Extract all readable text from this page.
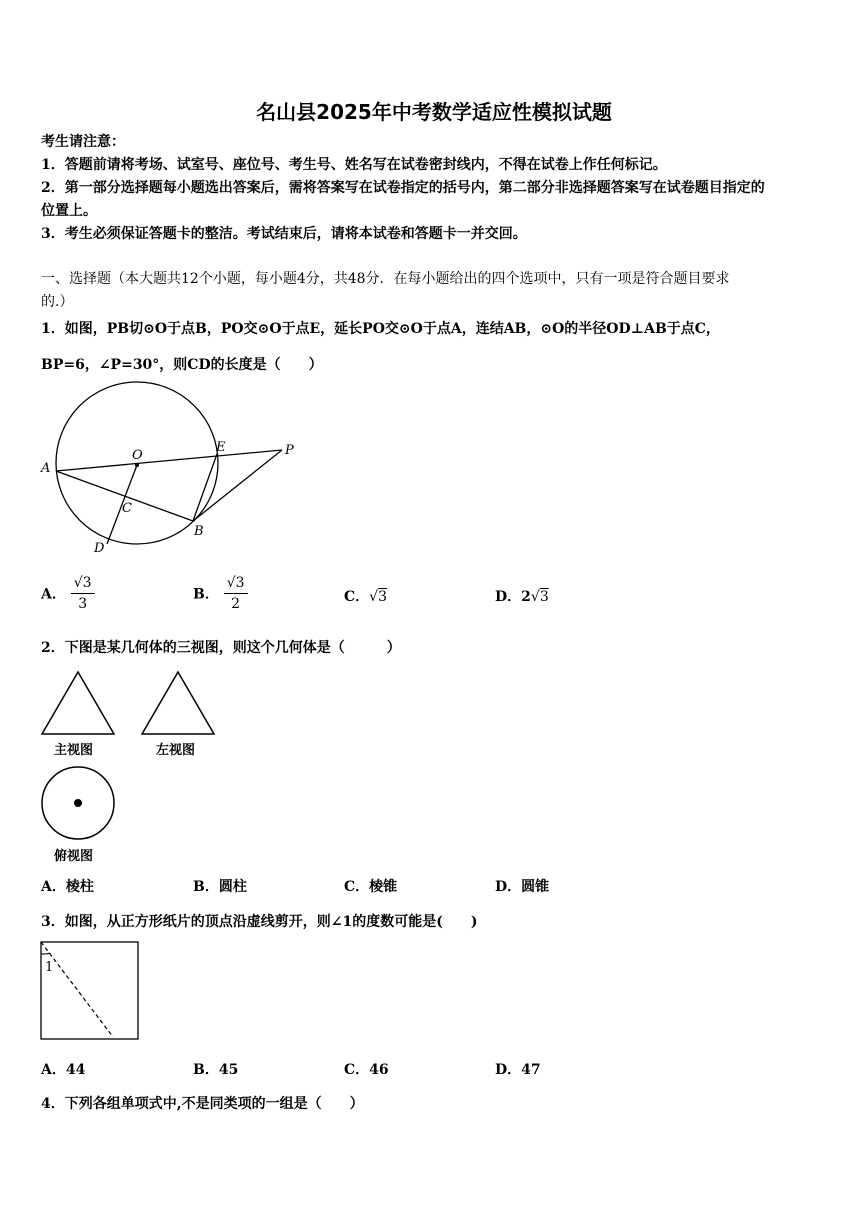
名山县2025年中考数学适应性模拟试题
考生请注意：
1．答题前请将考场、试室号、座位号、考生号、姓名写在试卷密封线内，不得在试卷上作任何标记。
2．第一部分选择题每小题选出答案后，需将答案写在试卷指定的括号内，第二部分非选择题答案写在试卷题目指定的
位置上。
3．考生必须保证答题卡的整洁。考试结束后，请将本试卷和答题卡一并交回。
一、选择题（本大题共12个小题，每小题4分，共48分．在每小题给出的四个选项中，只有一项是符合题目要求
的.）
1．如图，PB切⊙O于点B，PO交⊙O于点E，延长PO交⊙O于点A，连结AB，⊙O的半径OD⊥AB于点C，
BP=6，∠P=30°，则CD的长度是（　　）
A
O
E	P
C
B
D
A． $\frac{√3}{3}$	B． $\frac{√3}{2}$	C．√3	D．2√3
2．下图是某几何体的三视图，则这个几何体是（　　　）
主视图	左视图
俯视图
A．棱柱	B．圆柱	C．棱锥	D．圆锥
3．如图，从正方形纸片的顶点沿虚线剪开，则∠1的度数可能是(　　)
1
A．44	B．45	C．46	D．47
4．下列各组单项式中,不是同类项的一组是（　　）
